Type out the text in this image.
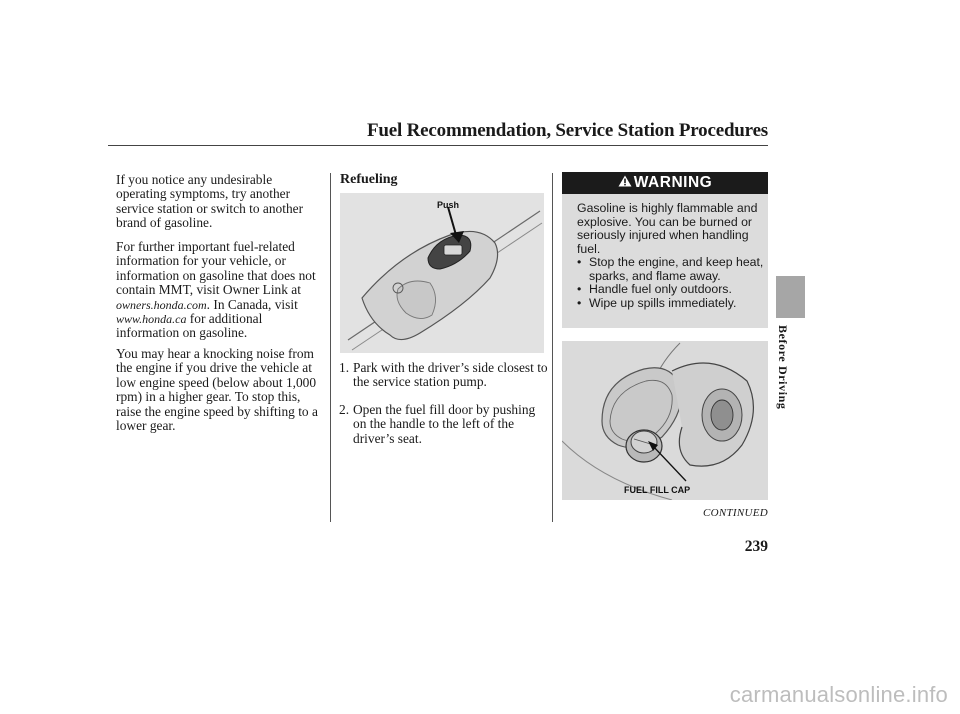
Fuel Recommendation, Service Station Procedures
If you notice any undesirable operating symptoms, try another service station or switch to another brand of gasoline.
For further important fuel-related information for your vehicle, or information on gasoline that does not contain MMT, visit Owner Link at owners.honda.com. In Canada, visit www.honda.ca for additional information on gasoline.
You may hear a knocking noise from the engine if you drive the vehicle at low engine speed (below about 1,000 rpm) in a higher gear. To stop this, raise the engine speed by shifting to a lower gear.
Refueling
Push
1. Park with the driver’s side closest to the service station pump.
2. Open the fuel fill door by pushing on the handle to the left of the driver’s seat.
WARNING
Gasoline is highly flammable and explosive. You can be burned or seriously injured when handling fuel.
• Stop the engine, and keep heat, sparks, and flame away.
• Handle fuel only outdoors.
• Wipe up spills immediately.
FUEL FILL CAP
CONTINUED
239
Before Driving
carmanualsonline.info
